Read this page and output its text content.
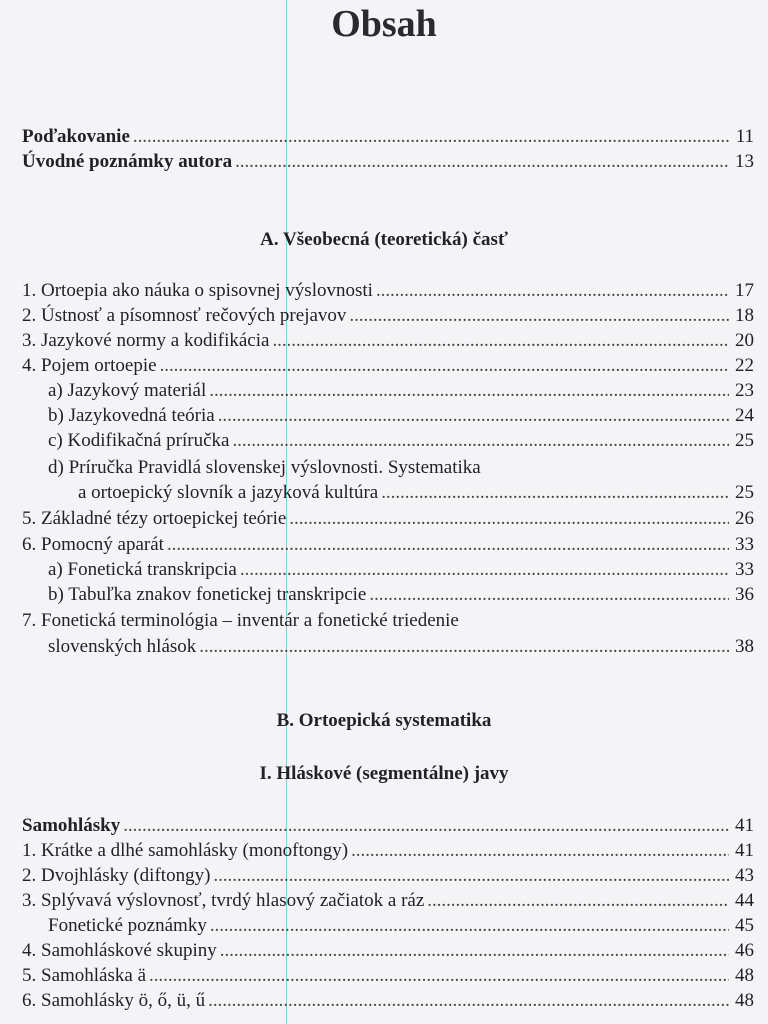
Obsah
Poďakovanie . . .	11
Úvodné poznámky autora . . .	13
A. Všeobecná (teoretická) časť
1. Ortoepia ako náuka o spisovnej výslovnosti . . .	17
2. Ústnosť a písomnosť rečových prejavov . . .	18
3. Jazykové normy a kodifikácia . . .	20
4. Pojem ortoepie . . .	22
a) Jazykový materiál . . .	23
b) Jazykovedná teória . . .	24
c) Kodifikačná príručka . . .	25
d) Príručka Pravidlá slovenskej výslovnosti. Systematika
a ortoepický slovník a jazyková kultúra . . .	25
5. Základné tézy ortoepickej teórie . . .	26
6. Pomocný aparát . . .	33
a) Fonetická transkripcia . . .	33
b) Tabuľka znakov fonetickej transkripcie . . .	36
7. Fonetická terminológia – inventár a fonetické triedenie
slovenských hlások . . .	38
B. Ortoepická systematika
I. Hláskové (segmentálne) javy
Samohlásky . . .	41
1. Krátke a dlhé samohlásky (monoftongy) . . .	41
2. Dvojhlásky (diftongy) . . .	43
3. Splývavá výslovnosť, tvrdý hlasový začiatok a ráz . . .	44
Fonetické poznámky . . .	45
4. Samohláskové skupiny . . .	46
5. Samohláska ä . . .	48
6. Samohlásky ö, ő, ü, ű . . .	48
